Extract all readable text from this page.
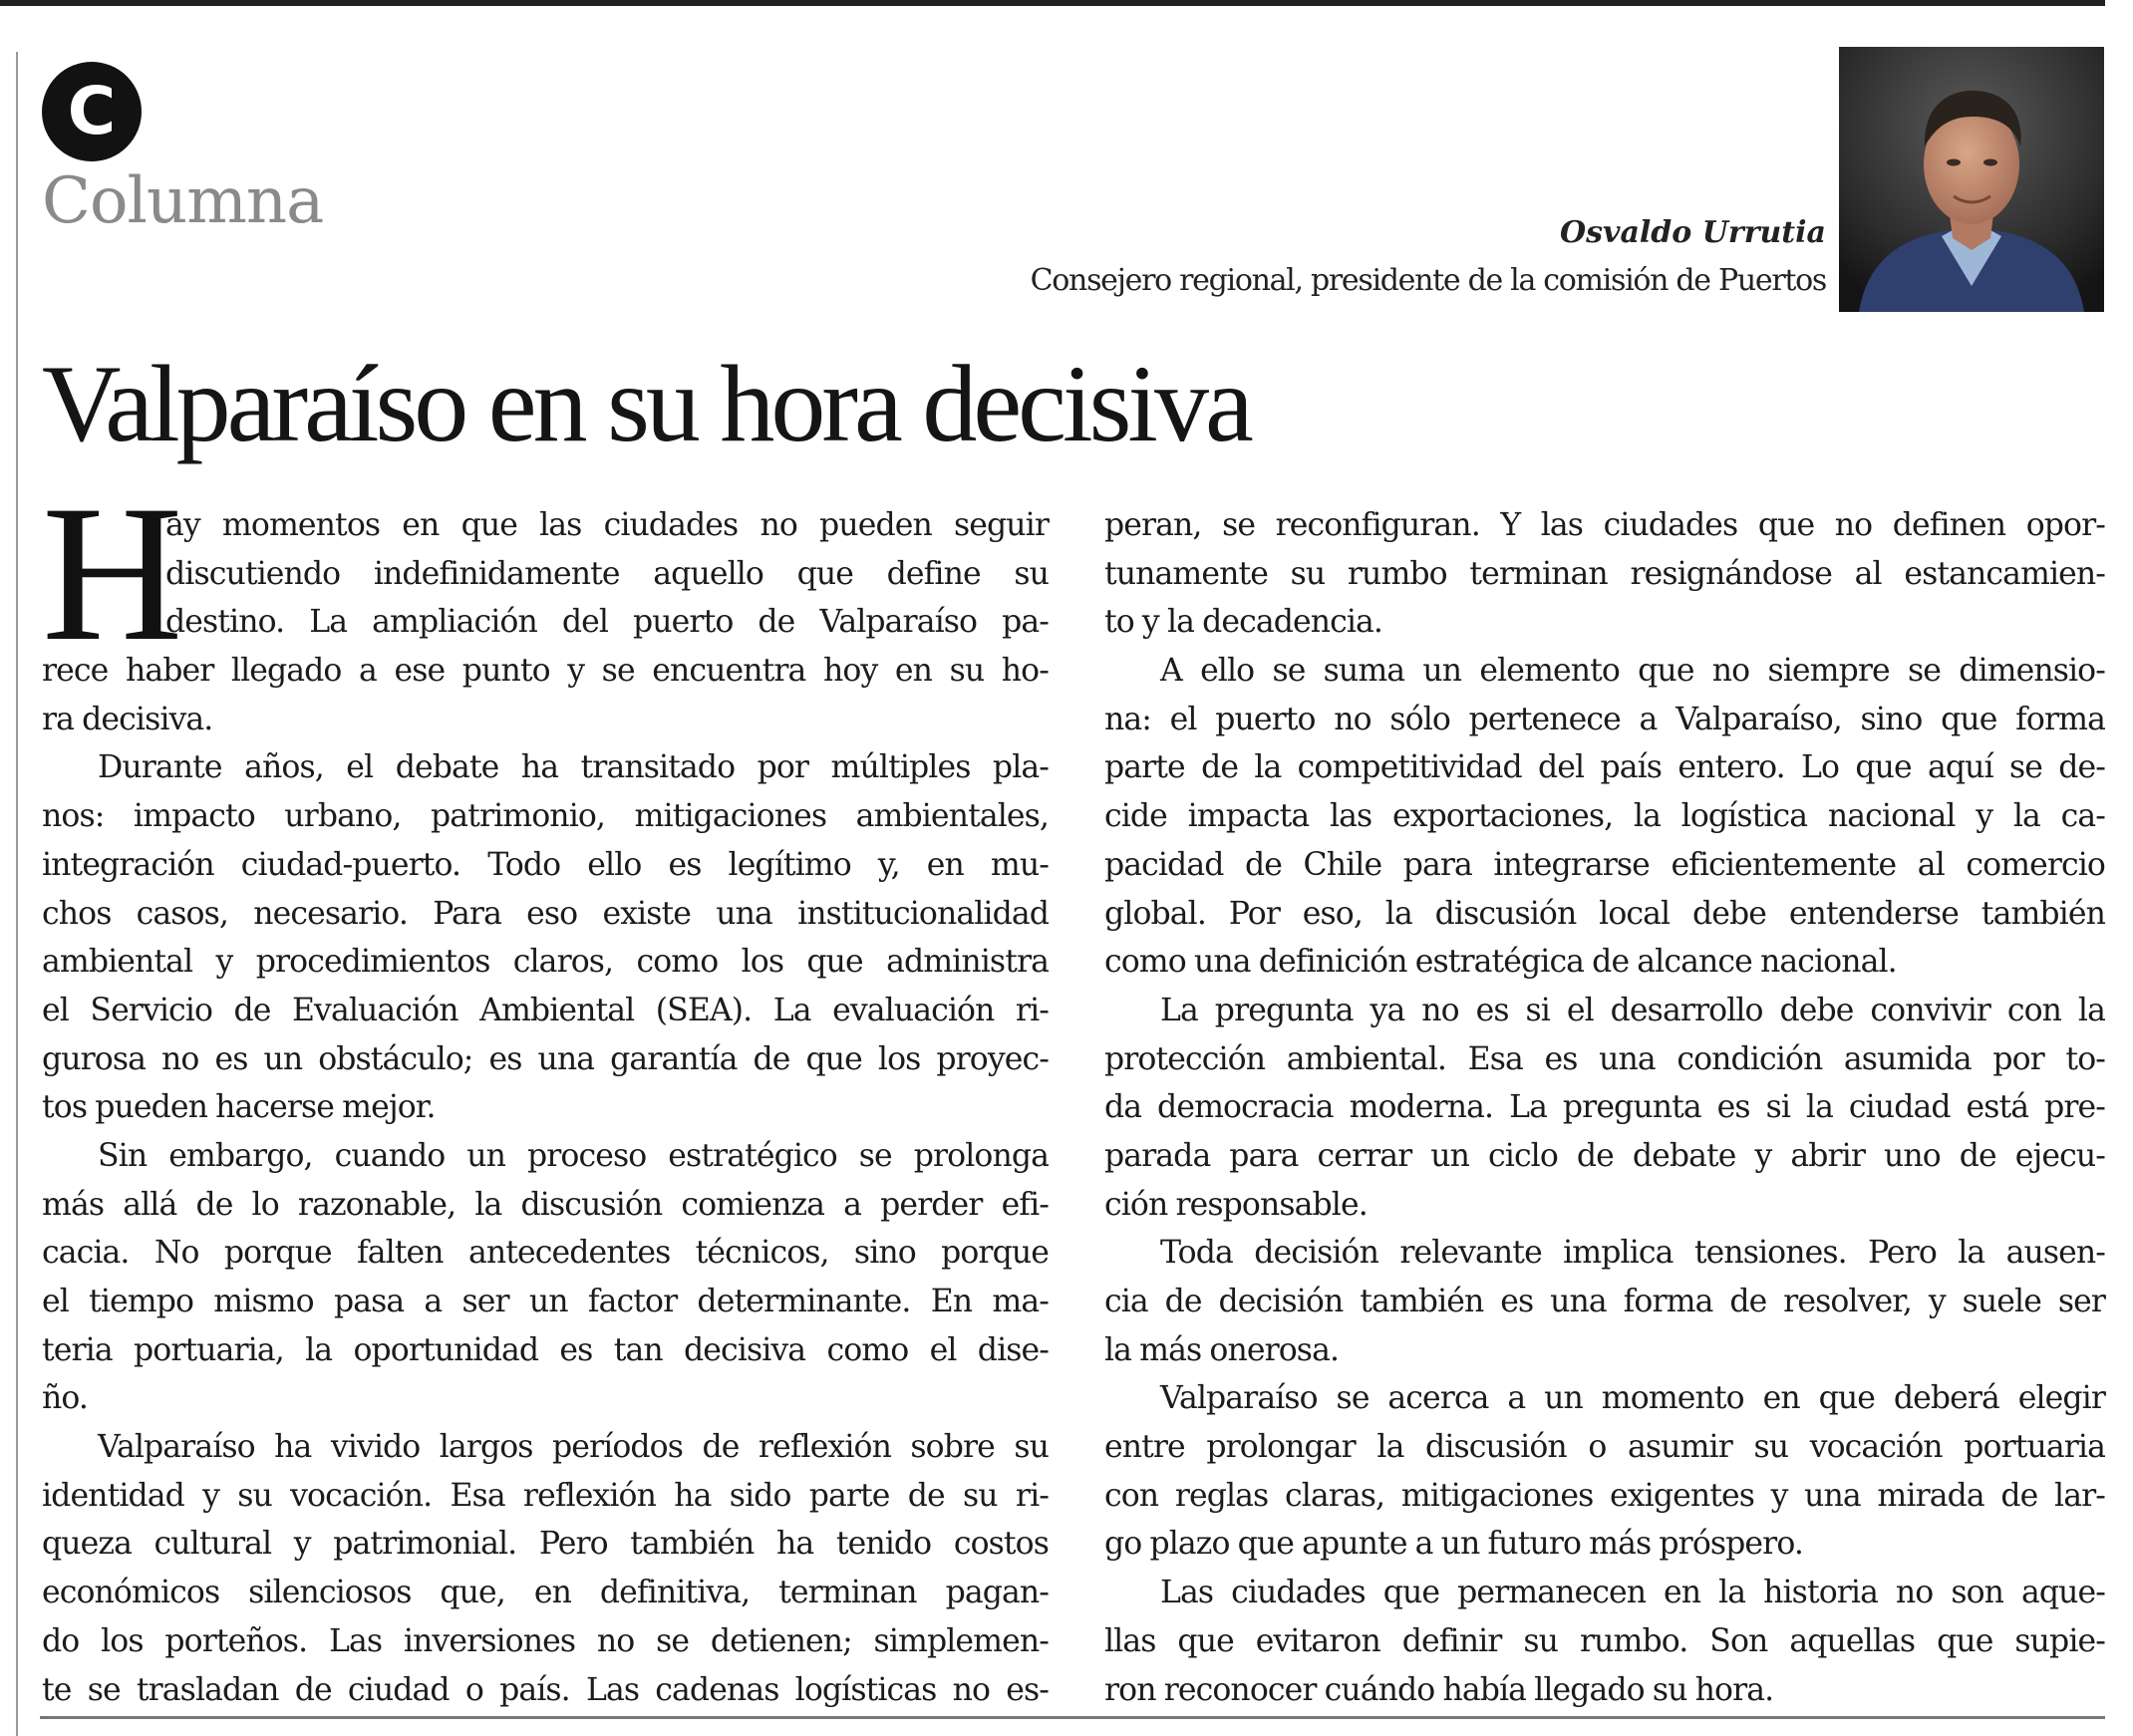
C
Columna	Osvaldo Urrutia
Consejero regional, presidente de la comisión de Puertos
Valparaíso en su hora decisiva
H
ay momentos en que las ciudades no pueden seguir
discutiendo indefinidamente aquello que define su
destino. La ampliación del puerto de Valparaíso pa-
rece haber llegado a ese punto y se encuentra hoy en su ho-
ra decisiva.
Durante años, el debate ha transitado por múltiples pla-
nos: impacto urbano, patrimonio, mitigaciones ambientales,
integración ciudad-puerto. Todo ello es legítimo y, en mu-
chos casos, necesario. Para eso existe una institucionalidad
ambiental y procedimientos claros, como los que administra
el Servicio de Evaluación Ambiental (SEA). La evaluación ri-
gurosa no es un obstáculo; es una garantía de que los proyec-
tos pueden hacerse mejor.
Sin embargo, cuando un proceso estratégico se prolonga
más allá de lo razonable, la discusión comienza a perder efi-
cacia. No porque falten antecedentes técnicos, sino porque
el tiempo mismo pasa a ser un factor determinante. En ma-
teria portuaria, la oportunidad es tan decisiva como el dise-
ño.
Valparaíso ha vivido largos períodos de reflexión sobre su
identidad y su vocación. Esa reflexión ha sido parte de su ri-
queza cultural y patrimonial. Pero también ha tenido costos
económicos silenciosos que, en definitiva, terminan pagan-
do los porteños. Las inversiones no se detienen; simplemen-
te se trasladan de ciudad o país. Las cadenas logísticas no es-
peran, se reconfiguran. Y las ciudades que no definen opor-
tunamente su rumbo terminan resignándose al estancamien-
to y la decadencia.
A ello se suma un elemento que no siempre se dimensio-
na: el puerto no sólo pertenece a Valparaíso, sino que forma
parte de la competitividad del país entero. Lo que aquí se de-
cide impacta las exportaciones, la logística nacional y la ca-
pacidad de Chile para integrarse eficientemente al comercio
global. Por eso, la discusión local debe entenderse también
como una definición estratégica de alcance nacional.
La pregunta ya no es si el desarrollo debe convivir con la
protección ambiental. Esa es una condición asumida por to-
da democracia moderna. La pregunta es si la ciudad está pre-
parada para cerrar un ciclo de debate y abrir uno de ejecu-
ción responsable.
Toda decisión relevante implica tensiones. Pero la ausen-
cia de decisión también es una forma de resolver, y suele ser
la más onerosa.
Valparaíso se acerca a un momento en que deberá elegir
entre prolongar la discusión o asumir su vocación portuaria
con reglas claras, mitigaciones exigentes y una mirada de lar-
go plazo que apunte a un futuro más próspero.
Las ciudades que permanecen en la historia no son aque-
llas que evitaron definir su rumbo. Son aquellas que supie-
ron reconocer cuándo había llegado su hora.
